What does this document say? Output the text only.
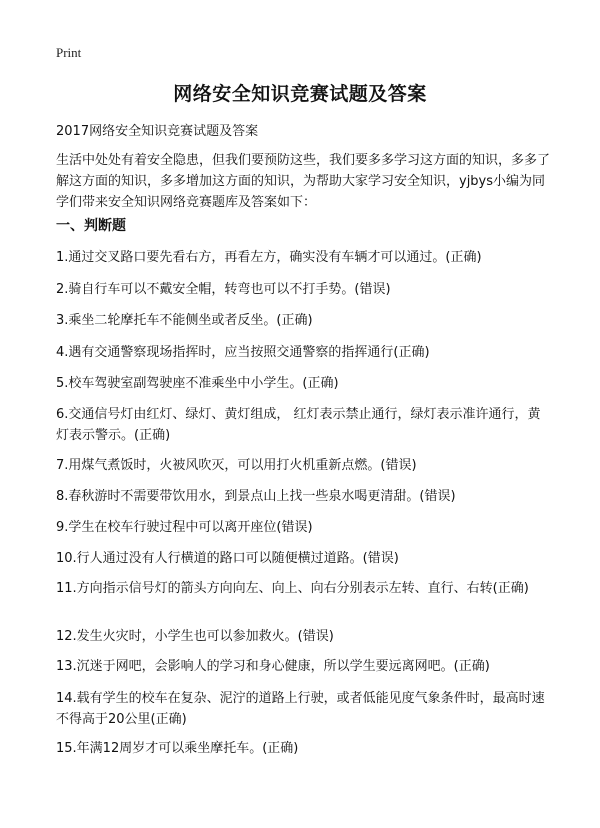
Print
网络安全知识竞赛试题及答案
2017网络安全知识竞赛试题及答案
生活中处处有着安全隐患，但我们要预防这些，我们要多多学习这方面的知识，多多了解这方面的知识，多多增加这方面的知识，为帮助大家学习安全知识，yjbys小编为同学们带来安全知识网络竞赛题库及答案如下：
一、判断题
1.通过交叉路口要先看右方，再看左方，确实没有车辆才可以通过。(正确)
2.骑自行车可以不戴安全帽，转弯也可以不打手势。(错误)
3.乘坐二轮摩托车不能侧坐或者反坐。(正确)
4.遇有交通警察现场指挥时，应当按照交通警察的指挥通行(正确)
5.校车驾驶室副驾驶座不准乘坐中小学生。(正确)
6.交通信号灯由红灯、绿灯、黄灯组成， 红灯表示禁止通行，绿灯表示准许通行，黄灯表示警示。(正确)
7.用煤气煮饭时，火被风吹灭，可以用打火机重新点燃。(错误)
8.春秋游时不需要带饮用水，到景点山上找一些泉水喝更清甜。(错误)
9.学生在校车行驶过程中可以离开座位(错误)
10.行人通过没有人行横道的路口可以随便横过道路。(错误)
11.方向指示信号灯的箭头方向向左、向上、向右分别表示左转、直行、右转(正确)
12.发生火灾时，小学生也可以参加救火。(错误)
13.沉迷于网吧，会影响人的学习和身心健康，所以学生要远离网吧。(正确)
14.载有学生的校车在复杂、泥泞的道路上行驶，或者低能见度气象条件时，最高时速不得高于20公里(正确)
15.年满12周岁才可以乘坐摩托车。(正确)
